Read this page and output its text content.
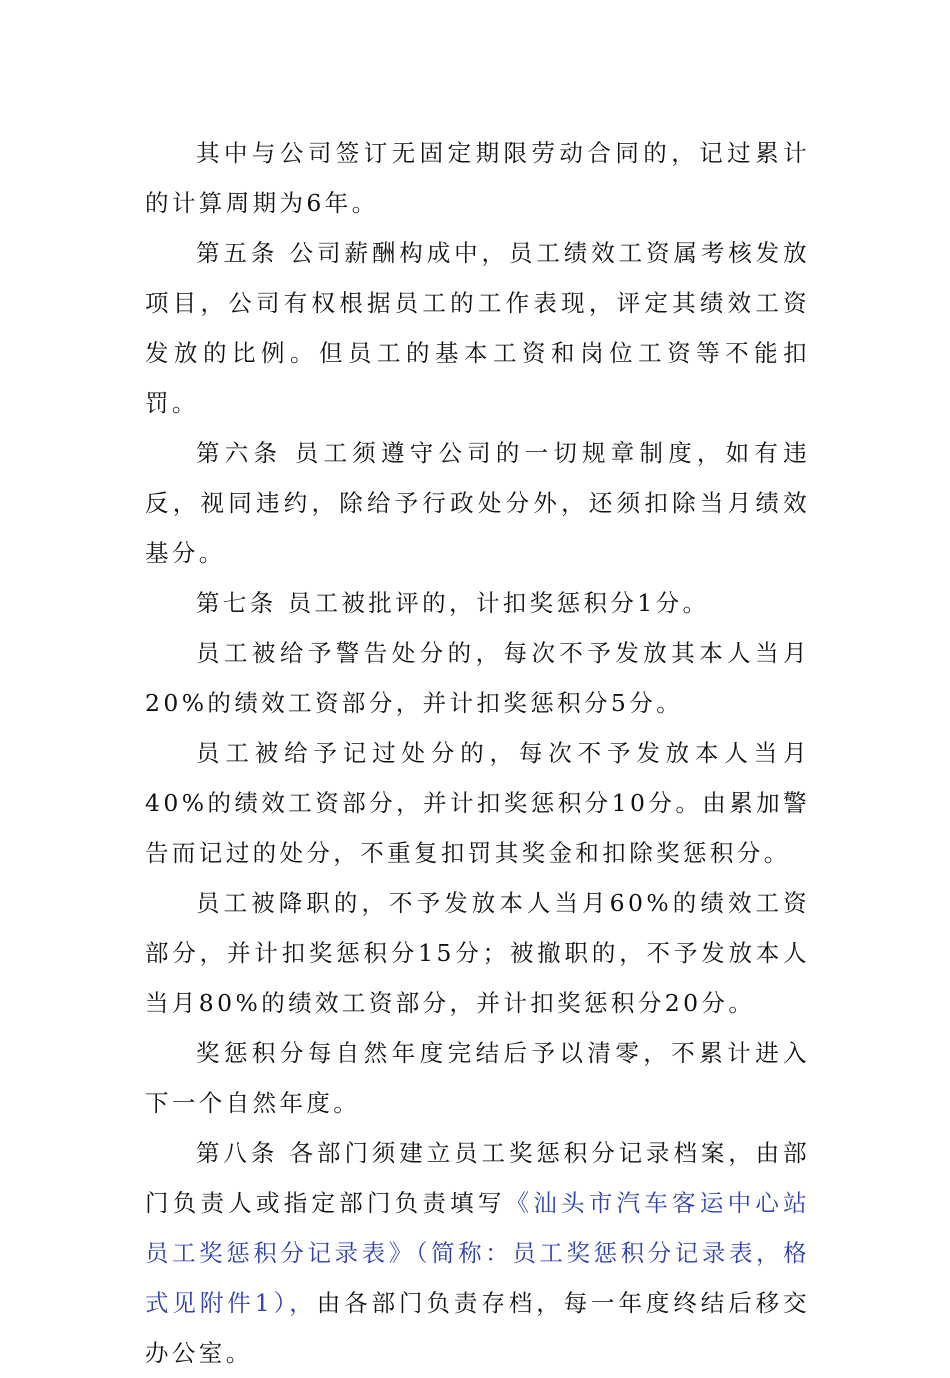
其中与公司签订无固定期限劳动合同的，记过累计的计算周期为6年。

第五条 公司薪酬构成中，员工绩效工资属考核发放项目，公司有权根据员工的工作表现，评定其绩效工资发放的比例。但员工的基本工资和岗位工资等不能扣罚。

第六条 员工须遵守公司的一切规章制度，如有违反，视同违约，除给予行政处分外，还须扣除当月绩效基分。

第七条 员工被批评的，计扣奖惩积分1分。

员工被给予警告处分的，每次不予发放其本人当月20%的绩效工资部分，并计扣奖惩积分5分。

员工被给予记过处分的，每次不予发放本人当月40%的绩效工资部分，并计扣奖惩积分10分。由累加警告而记过的处分，不重复扣罚其奖金和扣除奖惩积分。

员工被降职的，不予发放本人当月60%的绩效工资部分，并计扣奖惩积分15分；被撤职的，不予发放本人当月80%的绩效工资部分，并计扣奖惩积分20分。

奖惩积分每自然年度完结后予以清零，不累计进入下一个自然年度。

第八条 各部门须建立员工奖惩积分记录档案，由部门负责人或指定部门负责填写《汕头市汽车客运中心站员工奖惩积分记录表》（简称：员工奖惩积分记录表，格式见附件1），由各部门负责存档，每一年度终结后移交办公室。
